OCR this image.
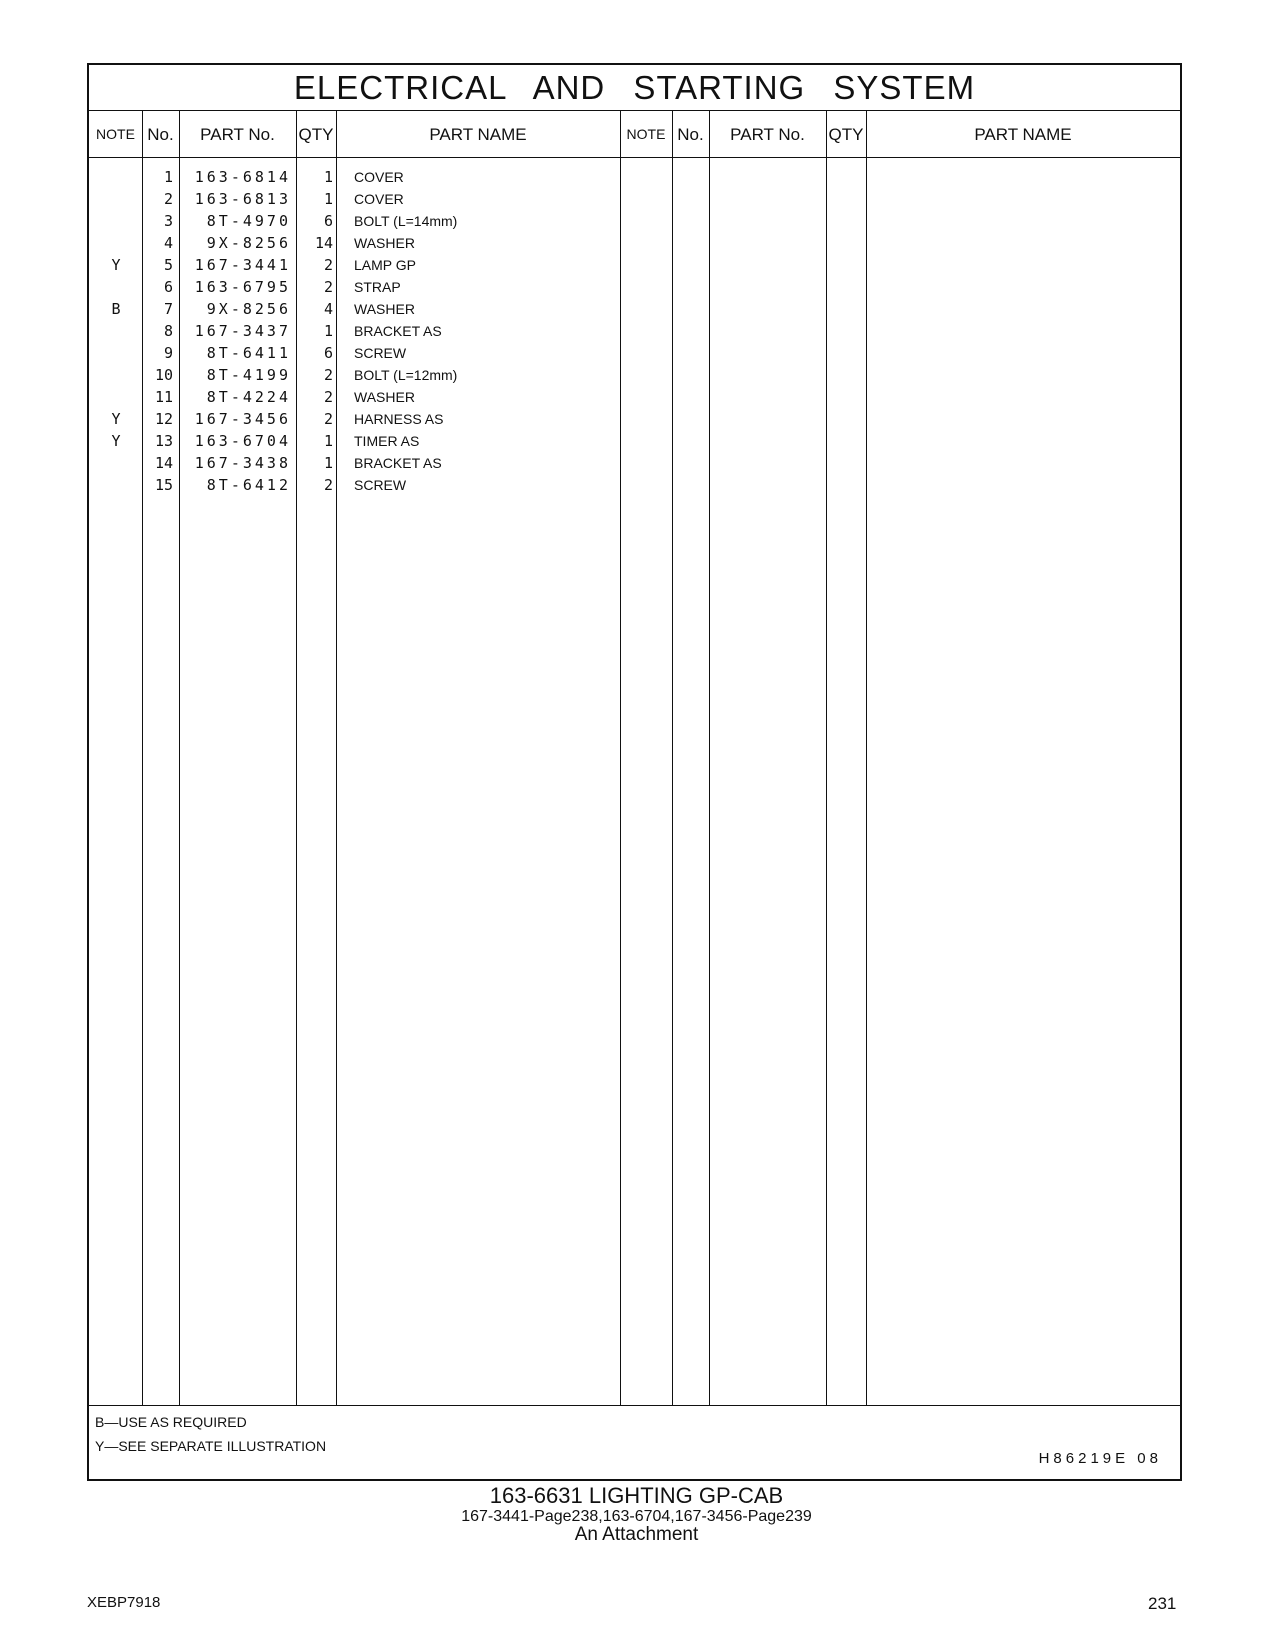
ELECTRICAL AND STARTING SYSTEM
NOTE No.	PART No.	QTY	PART NAME	NOTE No.	PART No.	QTY	PART NAME
1	163-6814	1 COVER
2	163-6813	1 COVER
3	8T-4970	6 BOLT (L=14mm)
4	9X-8256	14 WASHER
Y	5	167-3441	2 LAMP GP
6	163-6795	2 STRAP
B	7	9X-8256	4 WASHER
8	167-3437	1 BRACKET AS
9	8T-6411	6 SCREW
10	8T-4199	2 BOLT (L=12mm)
11	8T-4224	2 WASHER
Y	12	167-3456	2 HARNESS AS
Y	13	163-6704	1 TIMER AS
14	167-3438	1 BRACKET AS
15	8T-6412	2 SCREW
B—USE AS REQUIRED
Y—SEE SEPARATE ILLUSTRATION
H86219E 08
163-6631 LIGHTING GP-CAB
167-3441-Page238,163-6704,167-3456-Page239
An Attachment
XEBP7918	231
